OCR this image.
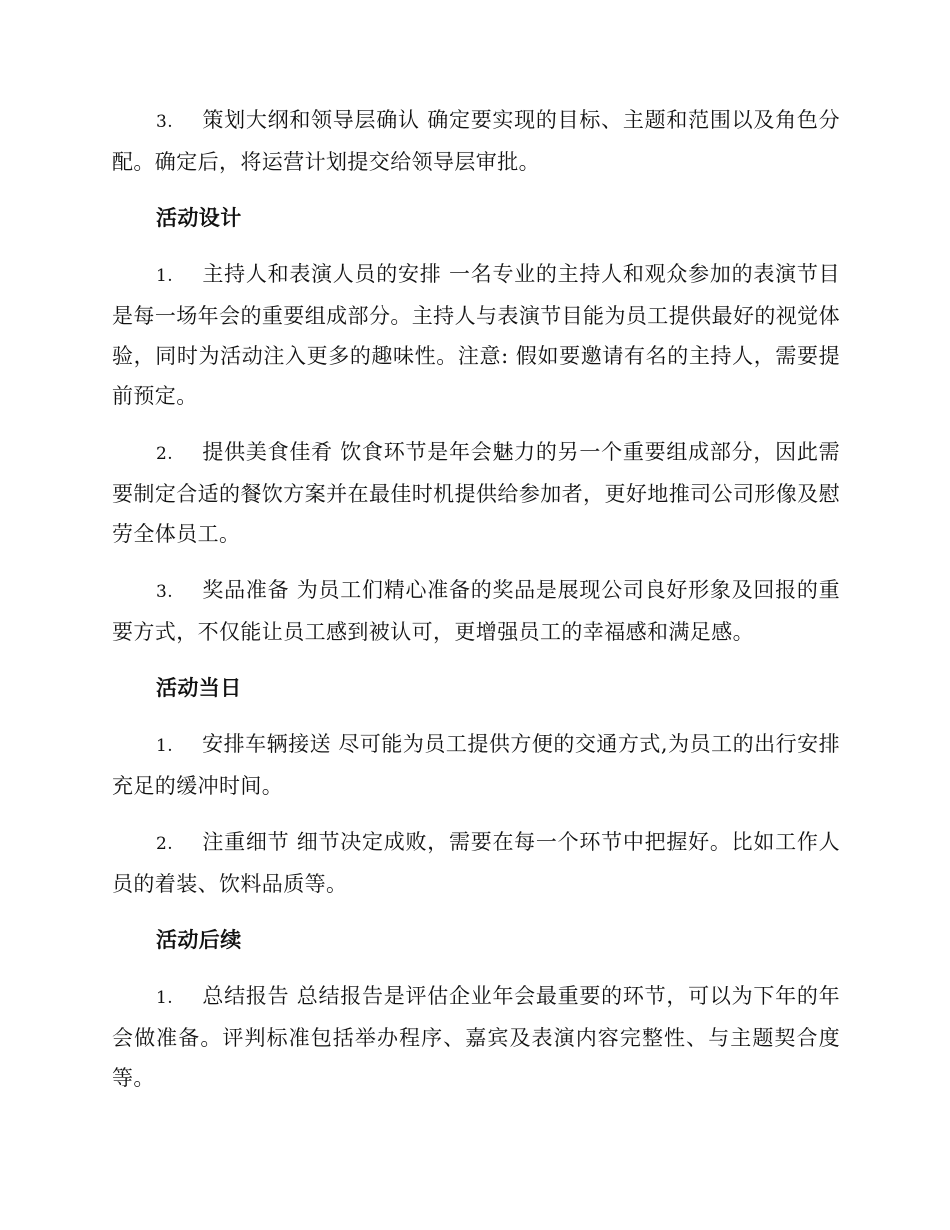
3. 策划大纲和领导层确认 确定要实现的目标、主题和范围以及角色分配。确定后，将运营计划提交给领导层审批。

活动设计

1. 主持人和表演人员的安排 一名专业的主持人和观众参加的表演节目是每一场年会的重要组成部分。主持人与表演节目能为员工提供最好的视觉体验，同时为活动注入更多的趣味性。注意: 假如要邀请有名的主持人，需要提前预定。

2. 提供美食佳肴 饮食环节是年会魅力的另一个重要组成部分，因此需要制定合适的餐饮方案并在最佳时机提供给参加者，更好地推司公司形像及慰劳全体员工。

3. 奖品准备 为员工们精心准备的奖品是展现公司良好形象及回报的重要方式，不仅能让员工感到被认可，更增强员工的幸福感和满足感。

活动当日

1. 安排车辆接送 尽可能为员工提供方便的交通方式,为员工的出行安排充足的缓冲时间。

2. 注重细节 细节决定成败，需要在每一个环节中把握好。比如工作人员的着装、饮料品质等。

活动后续

1. 总结报告 总结报告是评估企业年会最重要的环节，可以为下年的年会做准备。评判标准包括举办程序、嘉宾及表演内容完整性、与主题契合度等。
